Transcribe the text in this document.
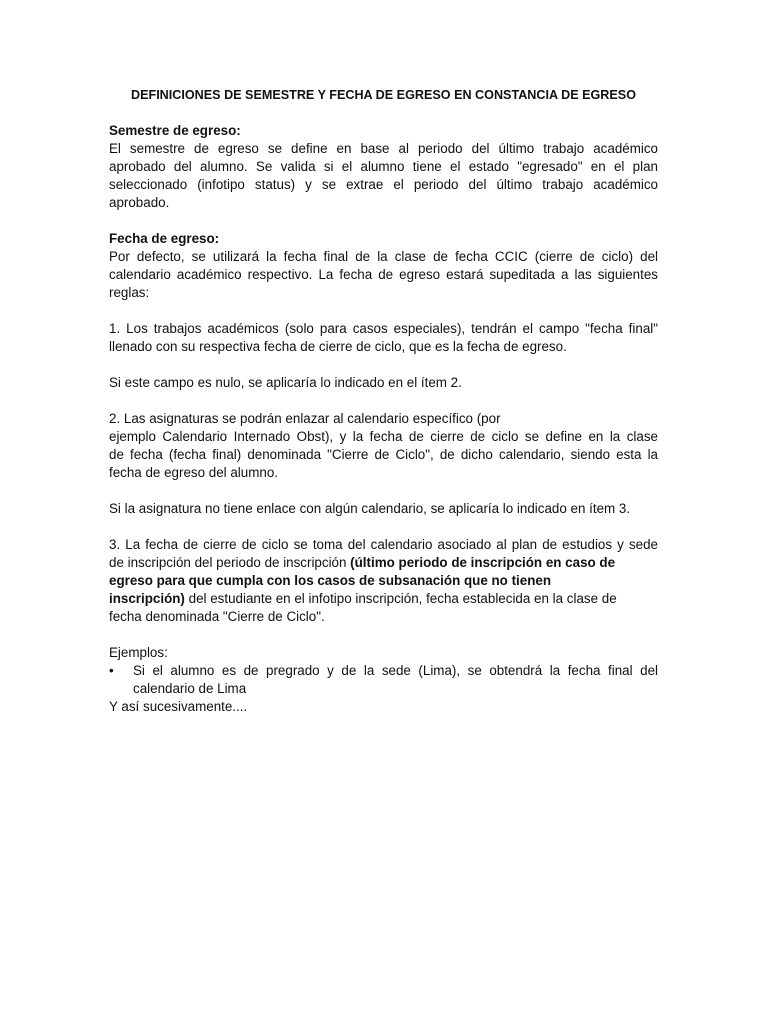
DEFINICIONES DE SEMESTRE Y FECHA DE EGRESO EN CONSTANCIA DE EGRESO
Semestre de egreso:
El semestre de egreso se define en base al periodo del último trabajo académico
aprobado del alumno. Se valida si el alumno tiene el estado "egresado" en el plan
seleccionado (infotipo status) y se extrae el periodo del último trabajo académico
aprobado.
Fecha de egreso:
Por defecto, se utilizará la fecha final de la clase de fecha CCIC (cierre de ciclo) del
calendario académico respectivo. La fecha de egreso estará supeditada a las siguientes
reglas:
1. Los trabajos académicos (solo para casos especiales), tendrán el campo "fecha final"
llenado con su respectiva fecha de cierre de ciclo, que es la fecha de egreso.
Si este campo es nulo, se aplicaría lo indicado en el ítem 2.
2. Las asignaturas se podrán enlazar al calendario específico (por
ejemplo Calendario Internado Obst), y la fecha de cierre de ciclo se define en la clase
de fecha (fecha final) denominada "Cierre de Ciclo", de dicho calendario, siendo esta la
fecha de egreso del alumno.
Si la asignatura no tiene enlace con algún calendario, se aplicaría lo indicado en ítem 3.
3. La fecha de cierre de ciclo se toma del calendario asociado al plan de estudios y sede
de inscripción del periodo de inscripción (último periodo de inscripción en caso de
egreso para que cumpla con los casos de subsanación que no tienen
inscripción) del estudiante en el infotipo inscripción, fecha establecida en la clase de
fecha denominada "Cierre de Ciclo".
Ejemplos:
• Si el alumno es de pregrado y de la sede (Lima), se obtendrá la fecha final del
calendario de Lima
Y así sucesivamente....
